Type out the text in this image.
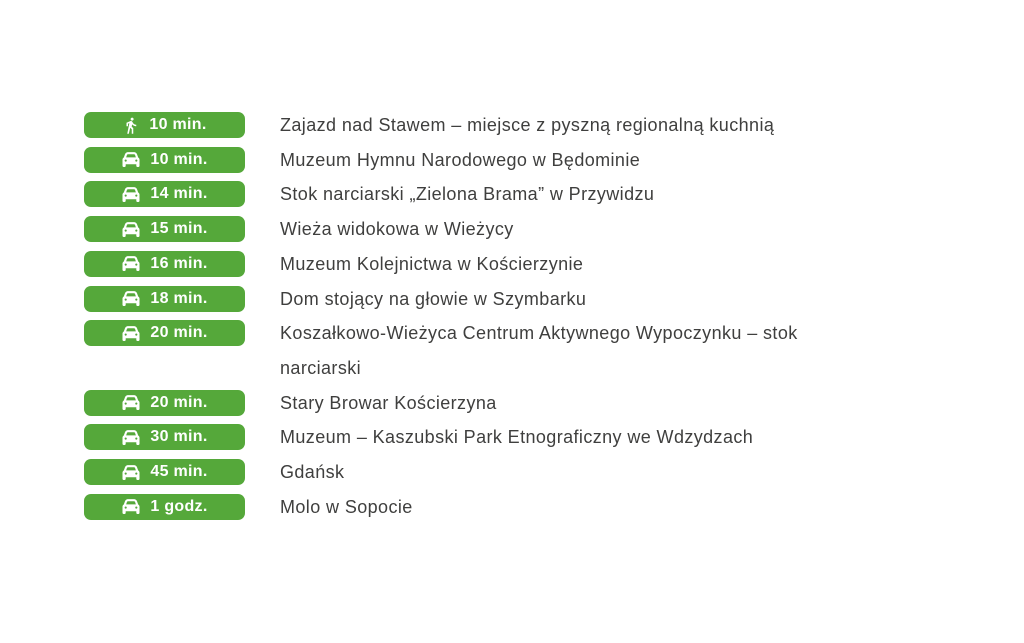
10 min.	Zajazd nad Stawem – miejsce z pyszną regionalną kuchnią
10 min.	Muzeum Hymnu Narodowego w Będominie
14 min.	Stok narciarski „Zielona Brama” w Przywidzu
15 min.	Wieża widokowa w Wieżycy
16 min.	Muzeum Kolejnictwa w Kościerzynie
18 min.	Dom stojący na głowie w Szymbarku
20 min.	Koszałkowo-Wieżyca Centrum Aktywnego Wypoczynku – stok narciarski
20 min.	Stary Browar Kościerzyna
30 min.	Muzeum – Kaszubski Park Etnograficzny we Wdzydzach
45 min.	Gdańsk
1 godz.	Molo w Sopocie
